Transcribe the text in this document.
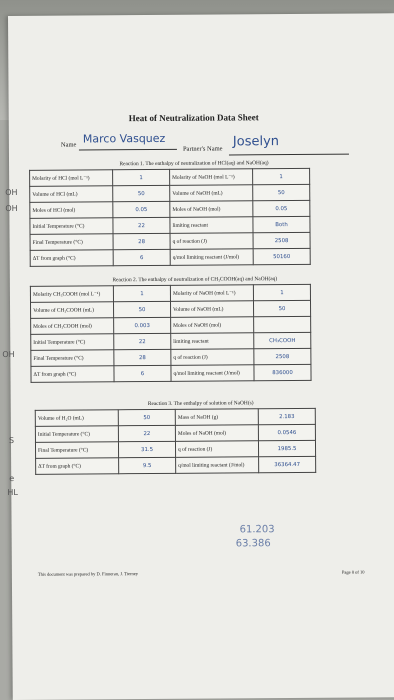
Heat of Neutralization Data Sheet
Name Marco Vasquez
Partner's Name Joselyn
Reaction 1. The enthalpy of neutralization of HCl(aq) and NaOH(aq)
Molarity of HCl (mol L⁻¹)	1	Molarity of NaOH (mol L⁻¹)	1
Volume of HCl (mL)	50	Volume of NaOH (mL)	50
Moles of HCl (mol)	0.05	Moles of NaOH (mol)	0.05
Initial Temperature (°C)	22	limiting reactant	Both
Final Temperature (°C)	28	q of reaction (J)	2508
ΔT from graph (°C)	6	q/mol limiting reactant (J/mol)	50160
Reaction 2. The enthalpy of neutralization of CH₃COOH(aq) and NaOH(aq)
Molarity CH₃COOH (mol L⁻¹)	1	Molarity of NaOH (mol L⁻¹)	1
Volume of CH₃COOH (mL)	50	Volume of NaOH (mL)	50
Moles of CH₃COOH (mol)	0.003	Moles of NaOH (mol)	
Initial Temperature (°C)	22	limiting reactant	CH₃COOH
Final Temperature (°C)	28	q of reaction (J)	2508
ΔT from graph (°C)	6	q/mol limiting reactant (J/mol)	836000
Reaction 3. The enthalpy of solution of NaOH(s)
Volume of H₂O (mL)	50	Mass of NaOH (g)	2.183
Initial Temperature (°C)	22	Moles of NaOH (mol)	0.0546
Final Temperature (°C)	31.5	q of reaction (J)	1985.5
ΔT from graph (°C)	9.5	q/mol limiting reactant (J/mol)	36364.47
61.203
63.386
OH
OH
OH
S
e
HL
This document was prepared by D. Finneran, J. Tierney	Page 8 of 10
